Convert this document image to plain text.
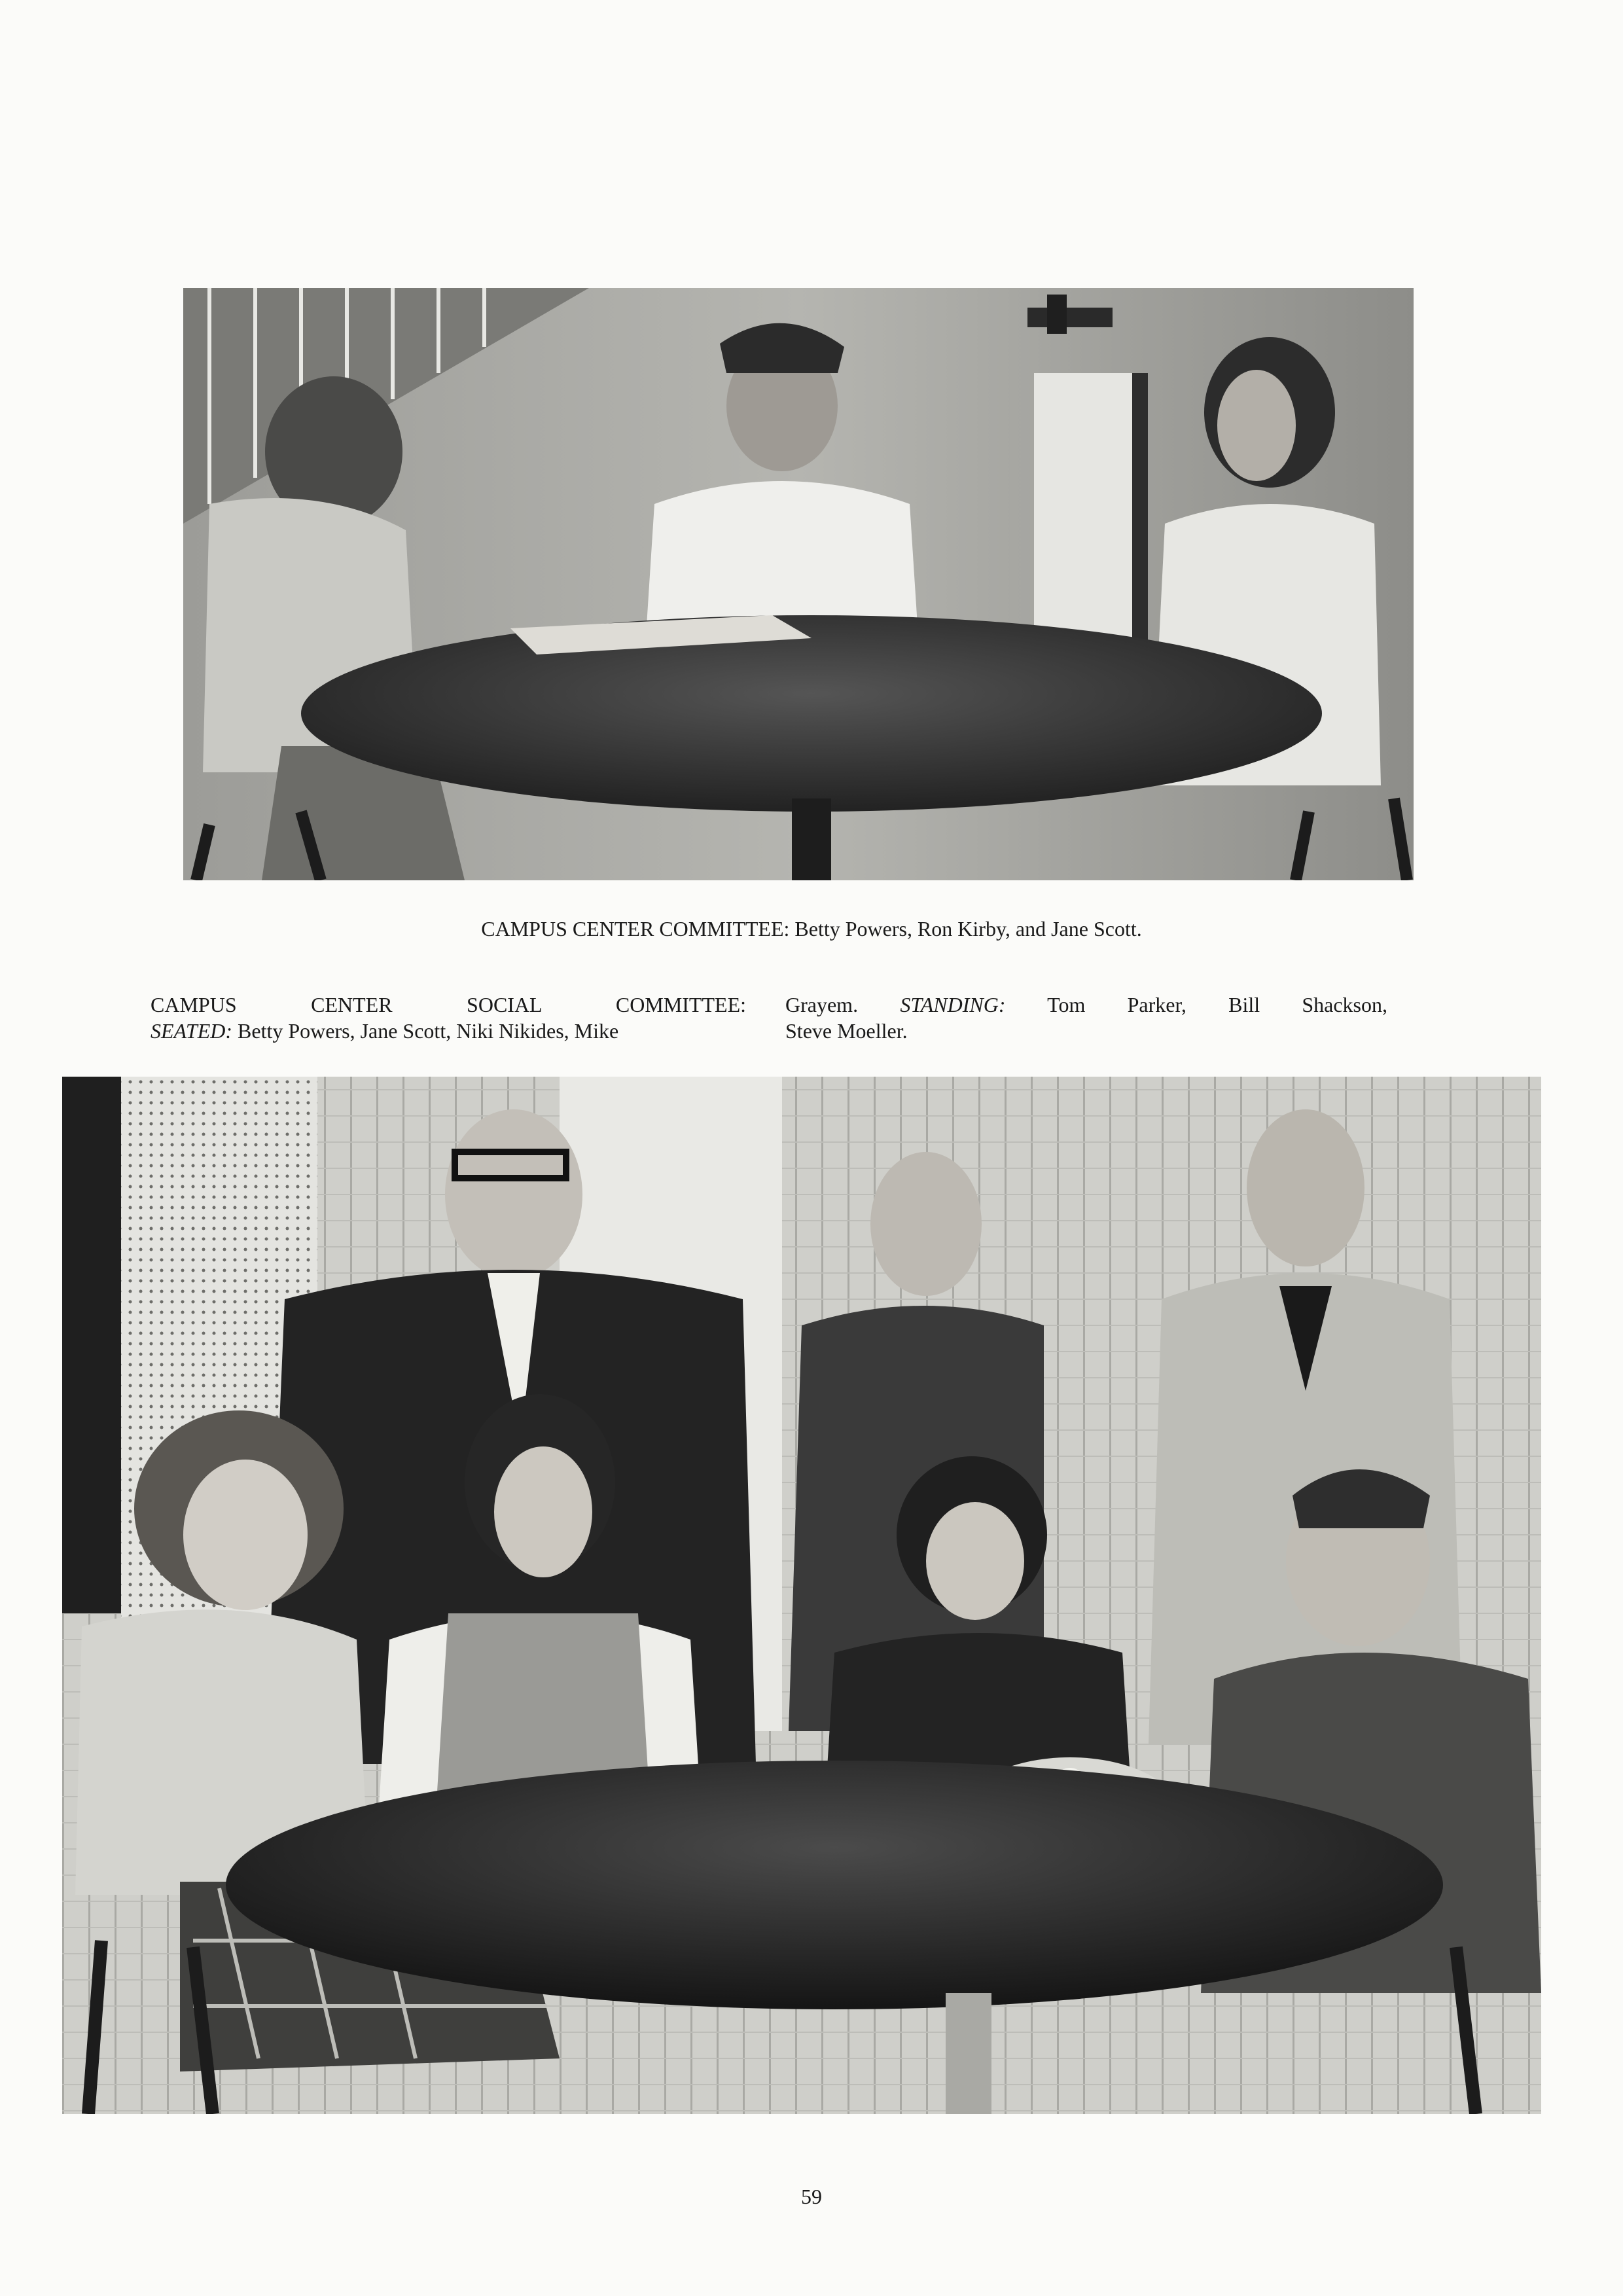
CAMPUS CENTER COMMITTEE: Betty Powers, Ron Kirby, and Jane Scott.
CAMPUS CENTER SOCIAL COMMITTEE:
SEATED: Betty Powers, Jane Scott, Niki Nikides, Mike
Grayem. STANDING: Tom Parker, Bill Shackson,
Steve Moeller.
59
